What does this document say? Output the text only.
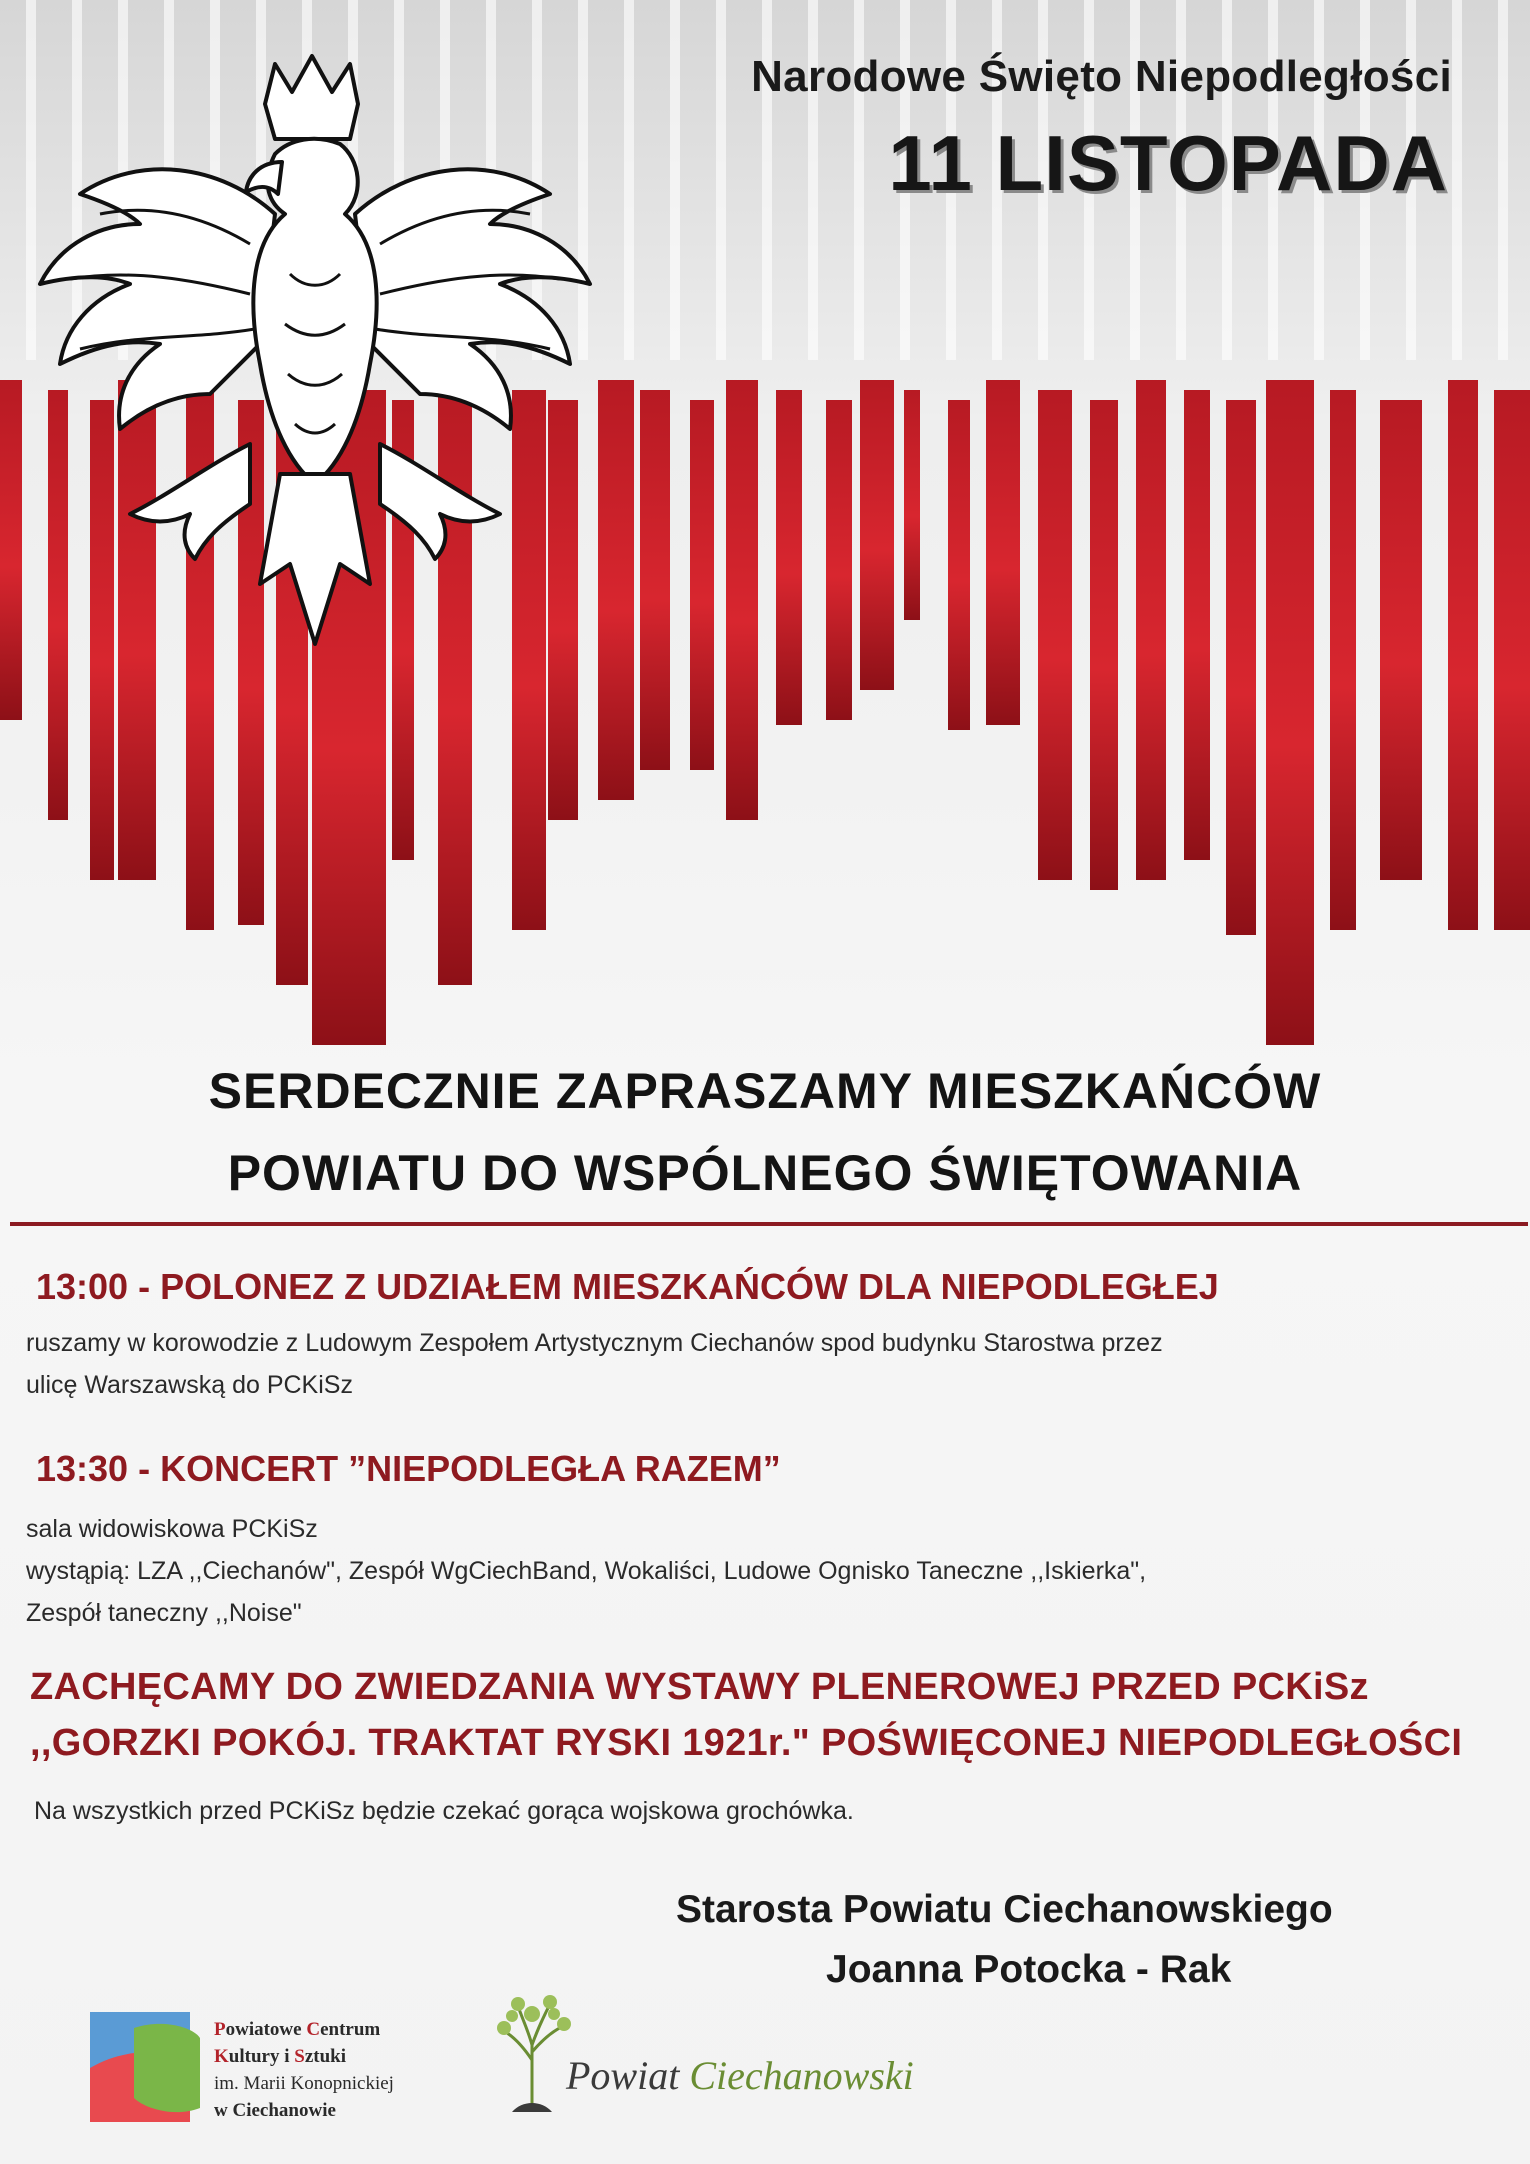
Narodowe Święto Niepodległości
11 LISTOPADA
SERDECZNIE ZAPRASZAMY MIESZKAŃCÓW
POWIATU DO WSPÓLNEGO ŚWIĘTOWANIA
13:00 - POLONEZ Z UDZIAŁEM MIESZKAŃCÓW DLA NIEPODLEGŁEJ
ruszamy w korowodzie z Ludowym Zespołem Artystycznym Ciechanów spod budynku Starostwa przez
ulicę Warszawską do PCKiSz
13:30 - KONCERT ”NIEPODLEGŁA RAZEM”
sala widowiskowa PCKiSz
wystąpią: LZA ,,Ciechanów", Zespół WgCiechBand, Wokaliści, Ludowe Ognisko Taneczne ,,Iskierka",
Zespół taneczny ,,Noise"
ZACHĘCAMY DO ZWIEDZANIA WYSTAWY PLENEROWEJ PRZED PCKiSz
,,GORZKI POKÓJ. TRAKTAT RYSKI 1921r." POŚWIĘCONEJ NIEPODLEGŁOŚCI
Na wszystkich przed PCKiSz będzie czekać gorąca wojskowa grochówka.
Starosta Powiatu Ciechanowskiego
Joanna Potocka - Rak
Powiatowe Centrum
Kultury i Sztuki
im. Marii Konopnickiej
w Ciechanowie
Powiat Ciechanowski
